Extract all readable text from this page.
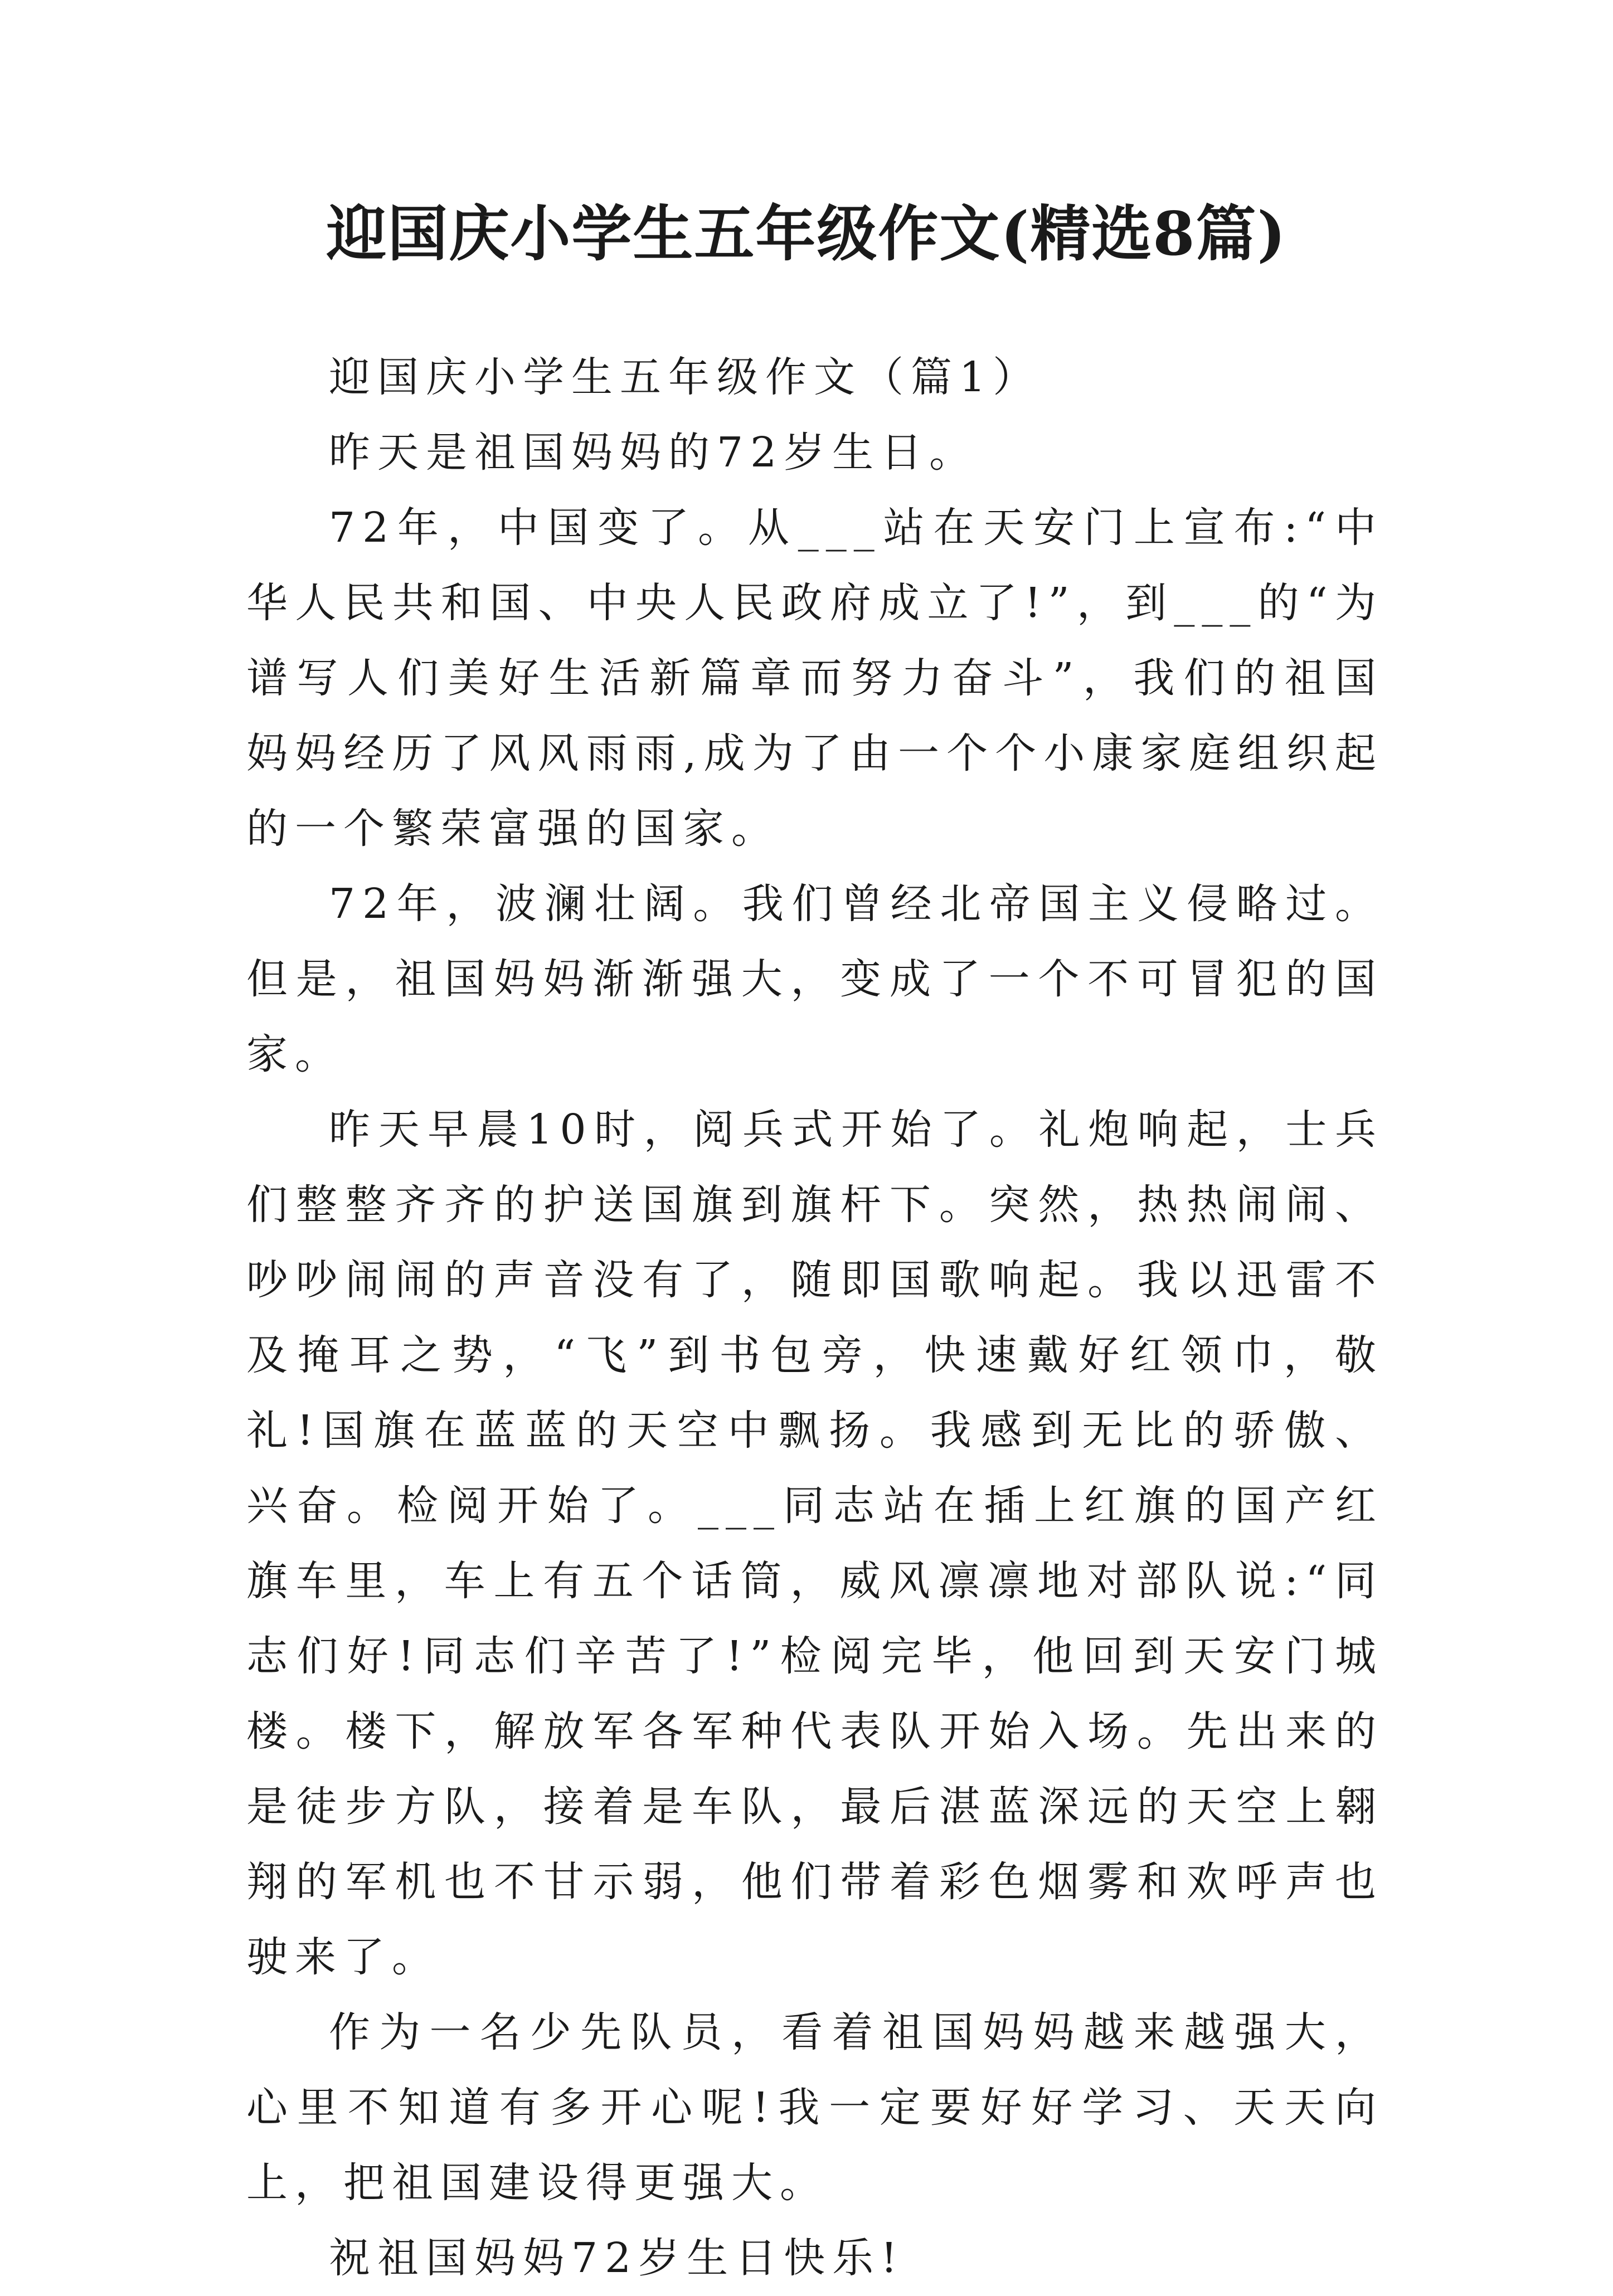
迎国庆小学生五年级作文(精选8篇)

迎国庆小学生五年级作文（篇1）

昨天是祖国妈妈的72岁生日。

72年，中国变了。从___站在天安门上宣布:“中华人民共和国、中央人民政府成立了!”，到___的“为谱写人们美好生活新篇章而努力奋斗”，我们的祖国妈妈经历了风风雨雨,成为了由一个个小康家庭组织起的一个繁荣富强的国家。

72年，波澜壮阔。我们曾经北帝国主义侵略过。但是，祖国妈妈渐渐强大，变成了一个不可冒犯的国家。

昨天早晨10时，阅兵式开始了。礼炮响起，士兵们整整齐齐的护送国旗到旗杆下。突然，热热闹闹、吵吵闹闹的声音没有了，随即国歌响起。我以迅雷不及掩耳之势，“飞”到书包旁，快速戴好红领巾，敬礼!国旗在蓝蓝的天空中飘扬。我感到无比的骄傲、兴奋。检阅开始了。___同志站在插上红旗的国产红旗车里，车上有五个话筒，威风凛凛地对部队说:“同志们好!同志们辛苦了!”检阅完毕，他回到天安门城楼。楼下，解放军各军种代表队开始入场。先出来的是徒步方队，接着是车队，最后湛蓝深远的天空上翱翔的军机也不甘示弱，他们带着彩色烟雾和欢呼声也驶来了。

作为一名少先队员，看着祖国妈妈越来越强大，心里不知道有多开心呢!我一定要好好学习、天天向上，把祖国建设得更强大。

祝祖国妈妈72岁生日快乐!
